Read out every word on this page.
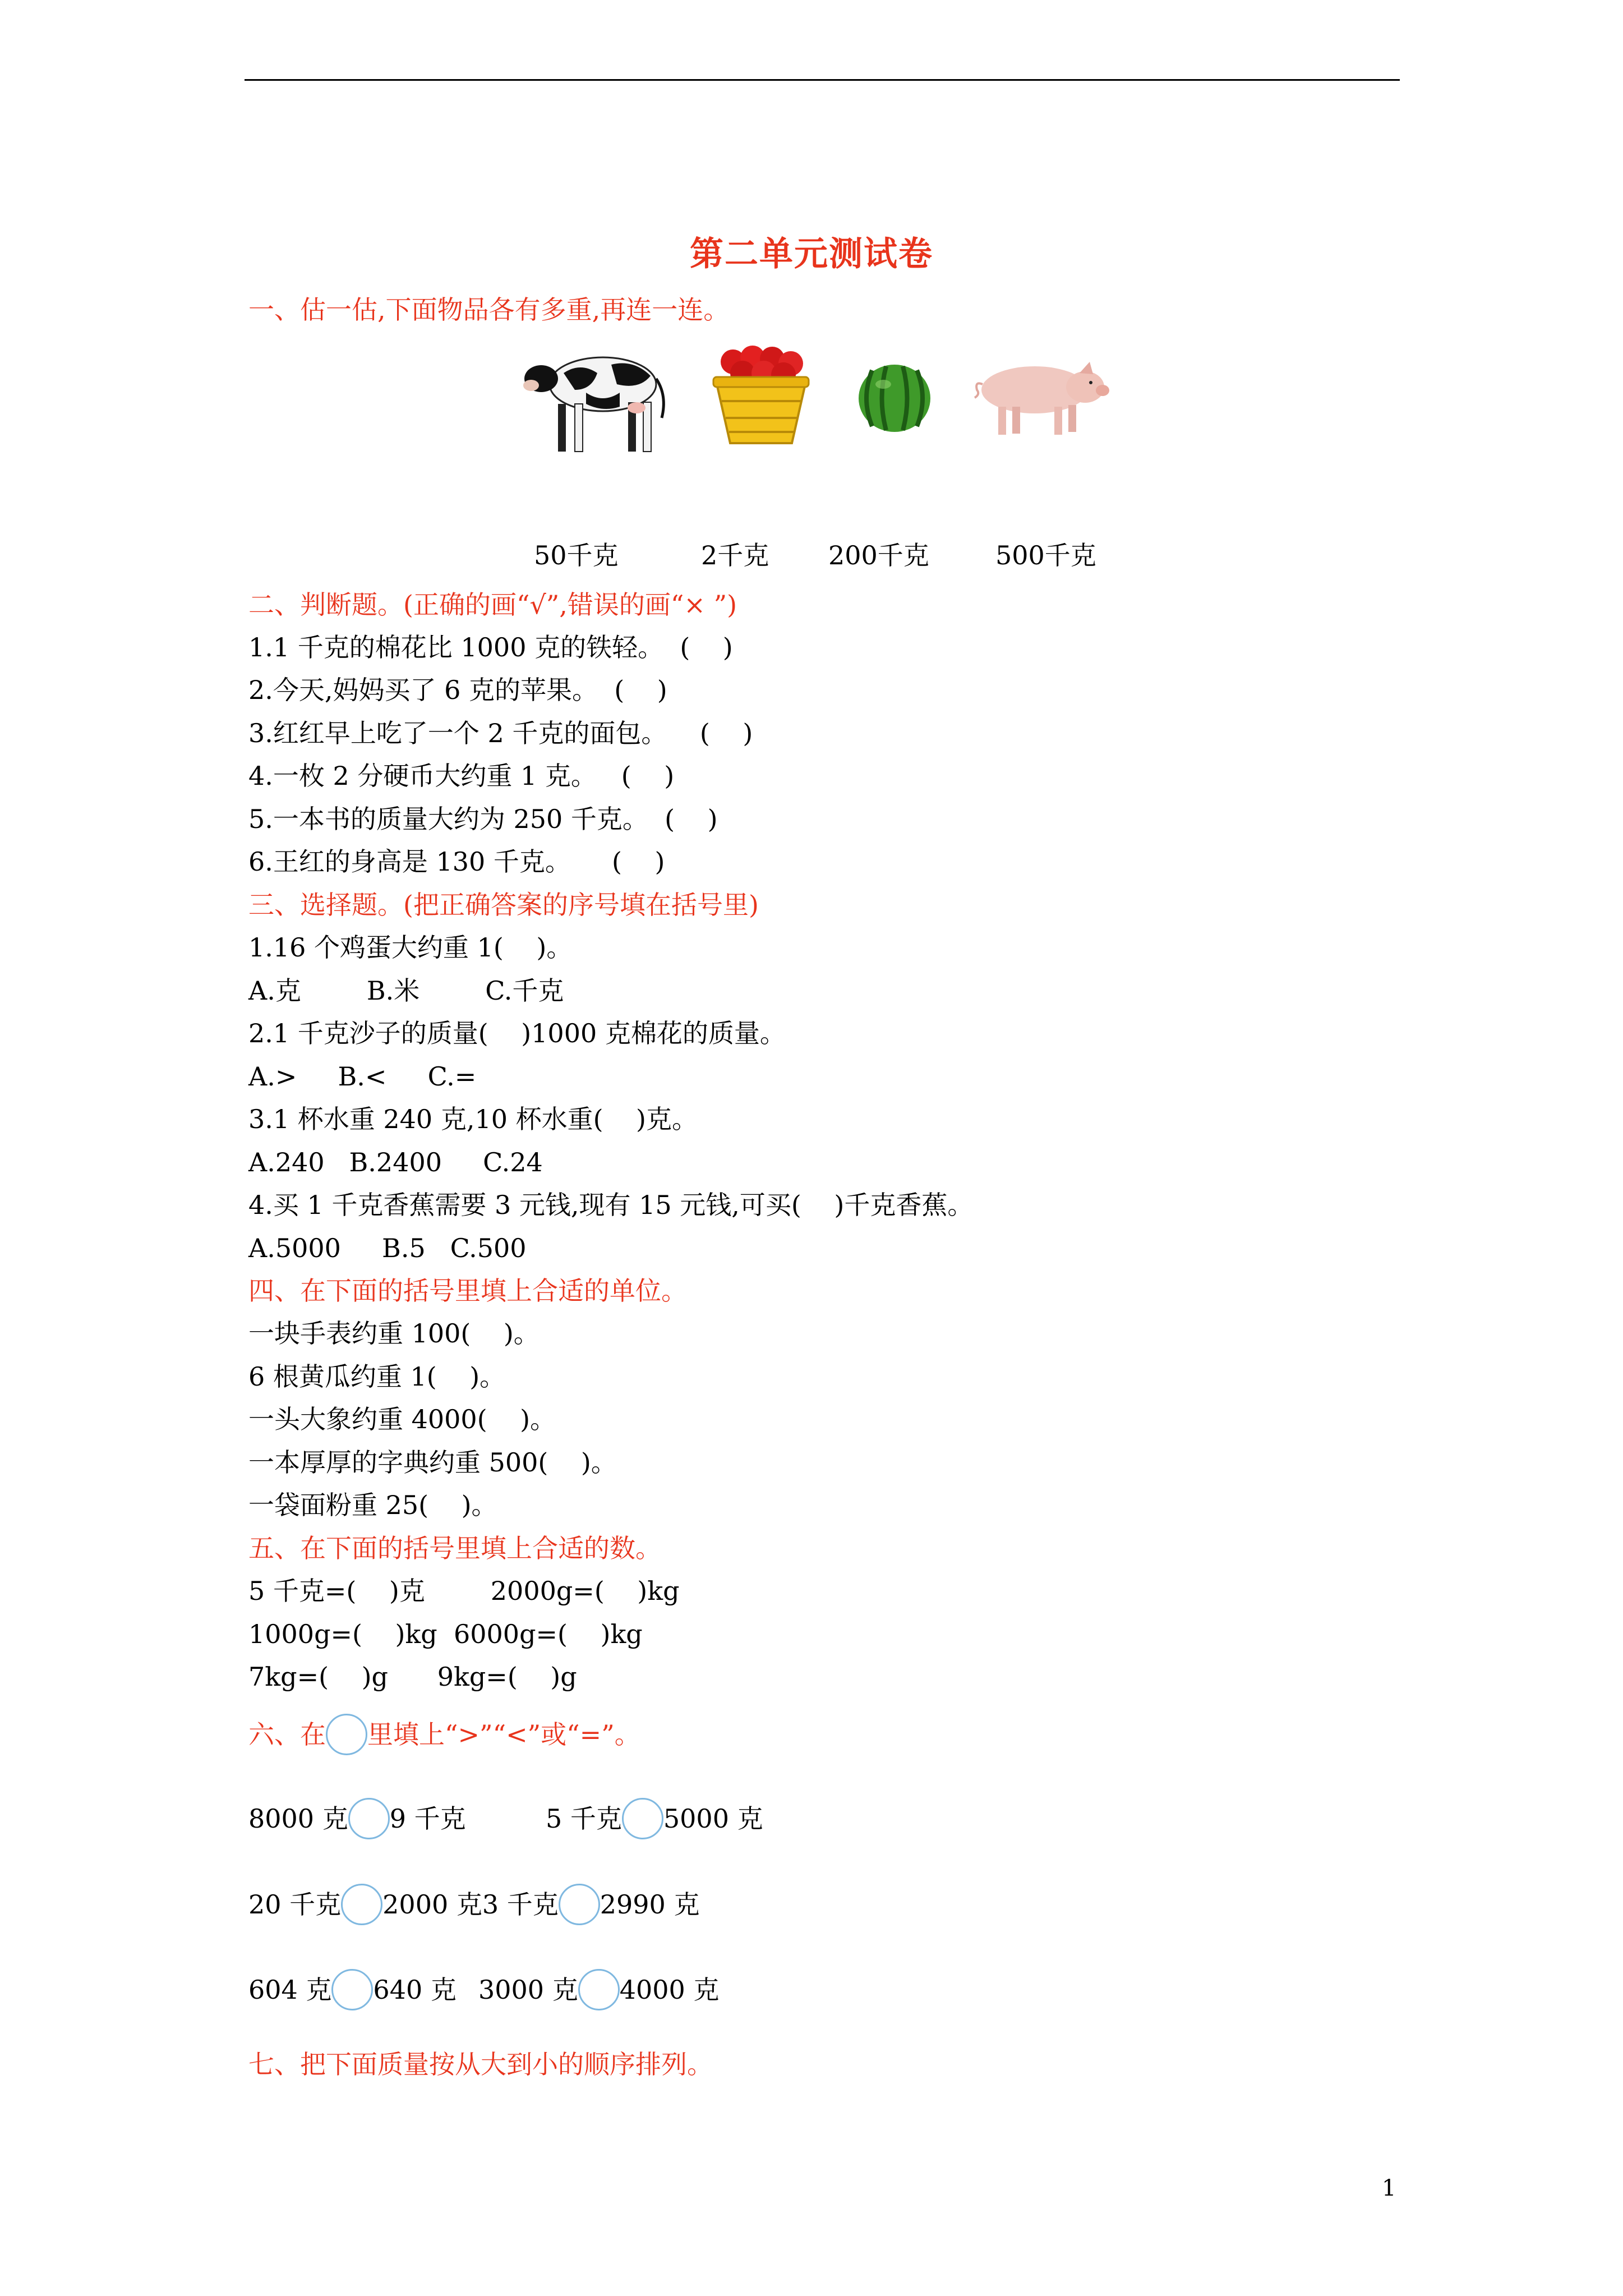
第二单元测试卷
一、估一估,下面物品各有多重,再连一连。
50千克	2千克 200千克	500千克
二、判断题。(正确的画“√”,错误的画“× ”)
1.1 千克的棉花比 1000 克的铁轻。  (    )
2.今天,妈妈买了 6 克的苹果。  (    )
3.红红早上吃了一个 2 千克的面包。    (    )
4.一枚 2 分硬币大约重 1 克。   (    )
5.一本书的质量大约为 250 千克。  (    )
6.王红的身高是 130 千克。     (    )
三、选择题。(把正确答案的序号填在括号里)
1.16 个鸡蛋大约重 1(    )。
A.克        B.米        C.千克
2.1 千克沙子的质量(    )1000 克棉花的质量。
A.>     B.<     C.=
3.1 杯水重 240 克,10 杯水重(    )克。
A.240   B.2400     C.24
4.买 1 千克香蕉需要 3 元钱,现有 15 元钱,可买(    )千克香蕉。
A.5000     B.5   C.500
四、在下面的括号里填上合适的单位。
一块手表约重 100(    )。
6 根黄瓜约重 1(    )。
一头大象约重 4000(    )。
一本厚厚的字典约重 500(    )。
一袋面粉重 25(    )。
五、在下面的括号里填上合适的数。
5 千克=(    )克        2000g=(    )kg
1000g=(    )kg  6000g=(    )kg
7kg=(    )g      9kg=(    )g
六、在 里填上“>”“<”或“=”。
8000 克 9 千克	5 千克 5000 克
20 千克 2000 克 3 千克 2990 克
604 克 640 克 3000 克 4000 克
七、把下面质量按从大到小的顺序排列。
1
